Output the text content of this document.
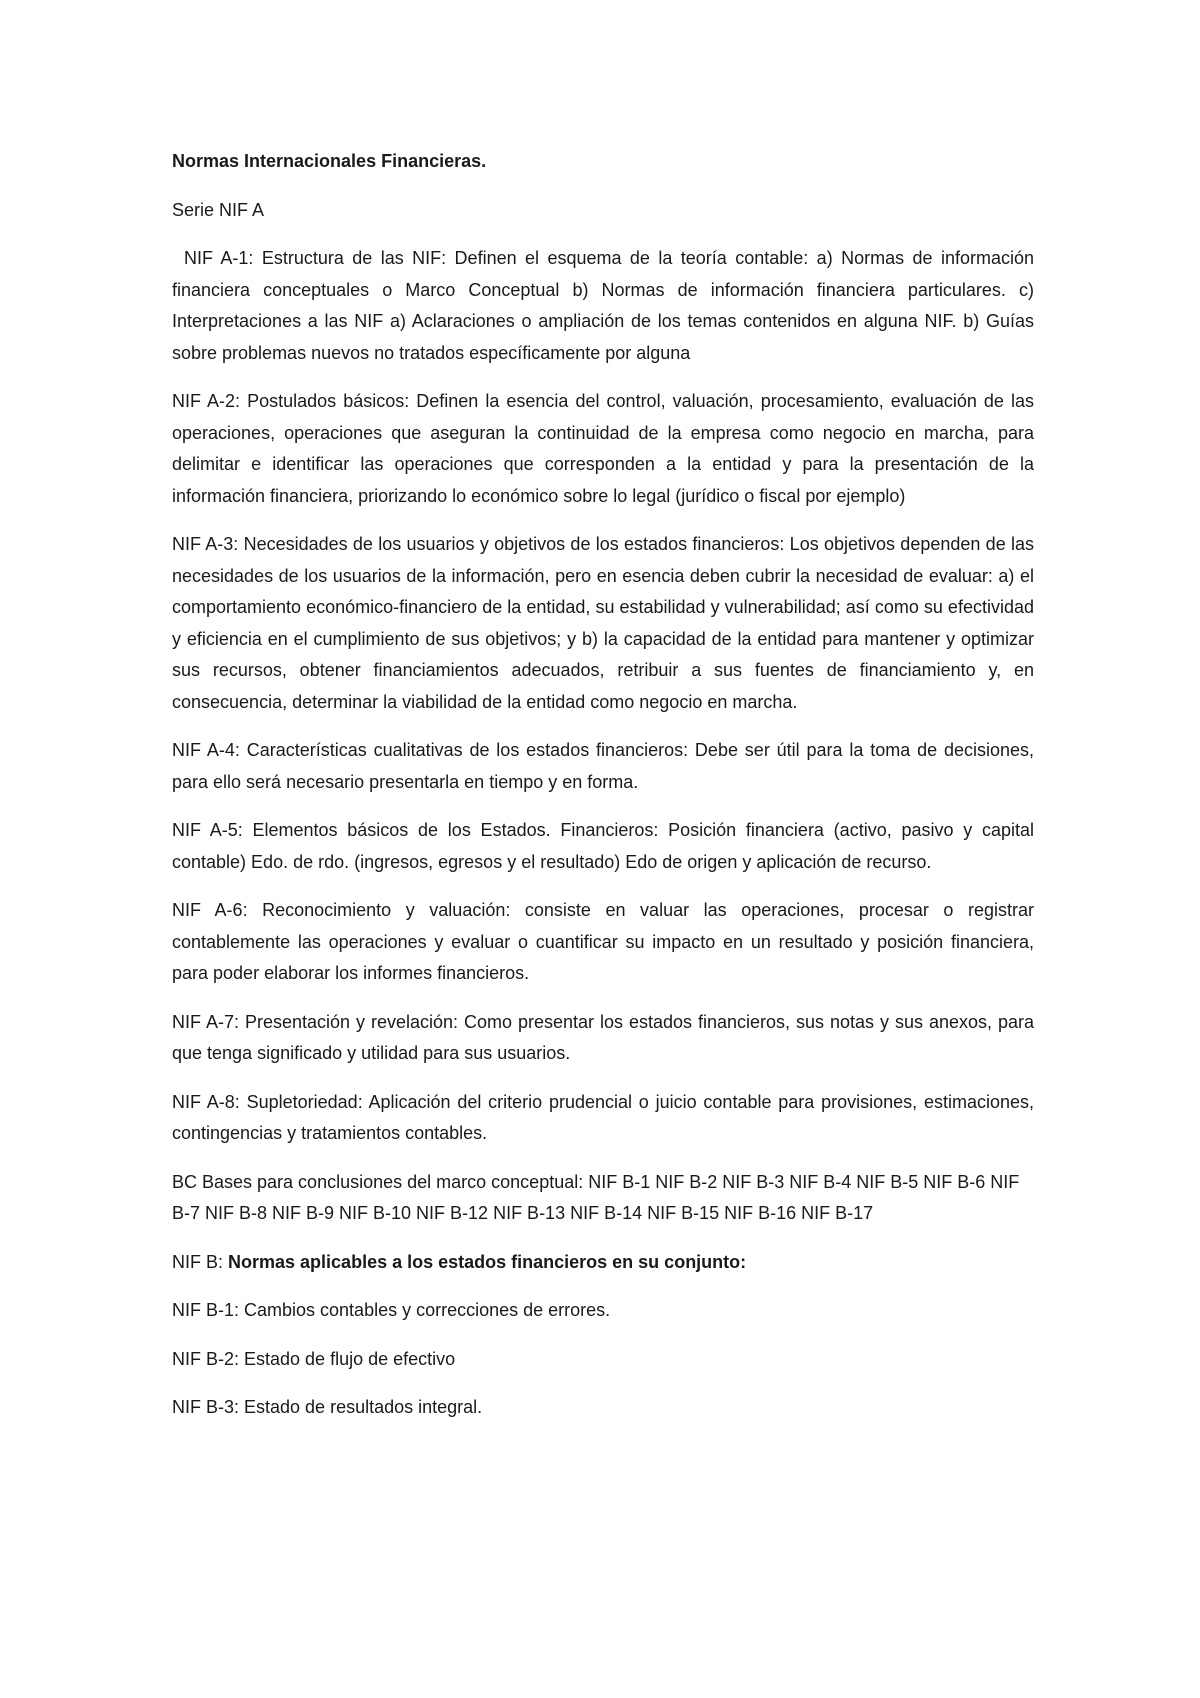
Normas Internacionales Financieras.

Serie NIF A

NIF A-1: Estructura de las NIF: Definen el esquema de la teoría contable: a) Normas de información financiera conceptuales o Marco Conceptual b) Normas de información financiera particulares. c) Interpretaciones a las NIF a) Aclaraciones o ampliación de los temas contenidos en alguna NIF. b) Guías sobre problemas nuevos no tratados específicamente por alguna

NIF A-2: Postulados básicos: Definen la esencia del control, valuación, procesamiento, evaluación de las operaciones, operaciones que aseguran la continuidad de la empresa como negocio en marcha, para delimitar e identificar las operaciones que corresponden a la entidad y para la presentación de la información financiera, priorizando lo económico sobre lo legal (jurídico o fiscal por ejemplo)

NIF A-3: Necesidades de los usuarios y objetivos de los estados financieros: Los objetivos dependen de las necesidades de los usuarios de la información, pero en esencia deben cubrir la necesidad de evaluar: a) el comportamiento económico-financiero de la entidad, su estabilidad y vulnerabilidad; así como su efectividad y eficiencia en el cumplimiento de sus objetivos; y b) la capacidad de la entidad para mantener y optimizar sus recursos, obtener financiamientos adecuados, retribuir a sus fuentes de financiamiento y, en consecuencia, determinar la viabilidad de la entidad como negocio en marcha.

NIF A-4: Características cualitativas de los estados financieros: Debe ser útil para la toma de decisiones, para ello será necesario presentarla en tiempo y en forma.

NIF A-5: Elementos básicos de los Estados. Financieros: Posición financiera (activo, pasivo y capital contable) Edo. de rdo. (ingresos, egresos y el resultado) Edo de origen y aplicación de recurso.

NIF A-6: Reconocimiento y valuación: consiste en valuar las operaciones, procesar o registrar contablemente las operaciones y evaluar o cuantificar su impacto en un resultado y posición financiera, para poder elaborar los informes financieros.

NIF A-7: Presentación y revelación: Como presentar los estados financieros, sus notas y sus anexos, para que tenga significado y utilidad para sus usuarios.

NIF A-8: Supletoriedad: Aplicación del criterio prudencial o juicio contable para provisiones, estimaciones, contingencias y tratamientos contables.

BC Bases para conclusiones del marco conceptual: NIF B-1 NIF B-2 NIF B-3 NIF B-4 NIF B-5 NIF B-6 NIF B-7 NIF B-8 NIF B-9 NIF B-10 NIF B-12 NIF B-13 NIF B-14 NIF B-15 NIF B-16 NIF B-17

NIF B: Normas aplicables a los estados financieros en su conjunto:

NIF B-1: Cambios contables y correcciones de errores.

NIF B-2: Estado de flujo de efectivo

NIF B-3: Estado de resultados integral.
